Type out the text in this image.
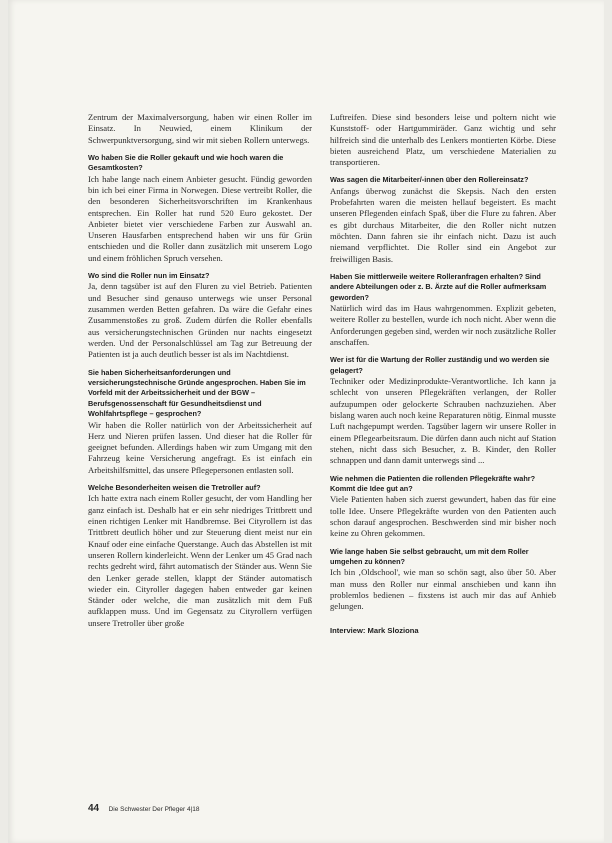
Zentrum der Maximalversorgung, haben wir einen Roller im Einsatz. In Neuwied, einem Klinikum der Schwerpunktversorgung, sind wir mit sieben Rollern unterwegs.

Wo haben Sie die Roller gekauft und wie hoch waren die Gesamtkosten?

Ich habe lange nach einem Anbieter gesucht. Fündig geworden bin ich bei einer Firma in Norwegen. Diese vertreibt Roller, die den besonderen Sicherheitsvorschriften im Krankenhaus entsprechen. Ein Roller hat rund 520 Euro gekostet. Der Anbieter bietet vier verschiedene Farben zur Auswahl an. Unseren Hausfarben entsprechend haben wir uns für Grün entschieden und die Roller dann zusätzlich mit unserem Logo und einem fröhlichen Spruch versehen.

Wo sind die Roller nun im Einsatz?

Ja, denn tagsüber ist auf den Fluren zu viel Betrieb. Patienten und Besucher sind genauso unterwegs wie unser Personal zusammen werden Betten gefahren. Da wäre die Gefahr eines Zusammenstoßes zu groß. Zudem dürfen die Roller ebenfalls aus versicherungstechnischen Gründen nur nachts eingesetzt werden. Und der Personalschlüssel am Tag zur Betreuung der Patienten ist ja auch deutlich besser ist als im Nachtdienst.

Sie haben Sicherheitsanforderungen und versicherungstechnische Gründe angesprochen. Haben Sie im Vorfeld mit der Arbeitssicherheit und der BGW – Berufsgenossenschaft für Gesundheitsdienst und Wohlfahrtspflege – gesprochen?

Wir haben die Roller natürlich von der Arbeitssicherheit auf Herz und Nieren prüfen lassen. Und dieser hat die Roller für geeignet befunden. Allerdings haben wir zum Umgang mit den Fahrzeug keine Versicherung angefragt. Es ist einfach ein Arbeitshilfsmittel, das unsere Pflegepersonen entlasten soll.

Welche Besonderheiten weisen die Tretroller auf?

Ich hatte extra nach einem Roller gesucht, der vom Handling her ganz einfach ist. Deshalb hat er ein sehr niedriges Trittbrett und einen richtigen Lenker mit Handbremse. Bei Cityrollern ist das Trittbrett deutlich höher und zur Steuerung dient meist nur ein Knauf oder eine einfache Querstange. Auch das Abstellen ist mit unseren Rollern kinderleicht. Wenn der Lenker um 45 Grad nach rechts gedreht wird, fährt automatisch der Ständer aus. Wenn Sie den Lenker gerade stellen, klappt der Ständer automatisch wieder ein. Cityroller dagegen haben entweder gar keinen Ständer oder welche, die man zusätzlich mit dem Fuß aufklappen muss. Und im Gegensatz zu Cityrollern verfügen unsere Tretroller über große

Luftreifen. Diese sind besonders leise und poltern nicht wie Kunststoff- oder Hartgummiräder. Ganz wichtig und sehr hilfreich sind die unterhalb des Lenkers montierten Körbe. Diese bieten ausreichend Platz, um verschiedene Materialien zu transportieren.

Was sagen die Mitarbeiter/-innen über den Rollereinsatz?

Anfangs überwog zunächst die Skepsis. Nach den ersten Probefahrten waren die meisten hellauf begeistert. Es macht unseren Pflegenden einfach Spaß, über die Flure zu fahren. Aber es gibt durchaus Mitarbeiter, die den Roller nicht nutzen möchten. Dann fahren sie ihr einfach nicht. Dazu ist auch niemand verpflichtet. Die Roller sind ein Angebot zur freiwilligen Basis.

Haben Sie mittlerweile weitere Rolleranfragen erhalten? Sind andere Abteilungen oder z. B. Ärzte auf die Roller aufmerksam geworden?

Natürlich wird das im Haus wahrgenommen. Explizit gebeten, weitere Roller zu bestellen, wurde ich noch nicht. Aber wenn die Anforderungen gegeben sind, werden wir noch zusätzliche Roller anschaffen.

Wer ist für die Wartung der Roller zuständig und wo werden sie gelagert?

Techniker oder Medizinprodukte-Verantwortliche. Ich kann ja schlecht von unseren Pflegekräften verlangen, der Roller aufzupumpen oder gelockerte Schrauben nachzuziehen. Aber bislang waren auch noch keine Reparaturen nötig. Einmal musste Luft nachgepumpt werden. Tagsüber lagern wir unsere Roller in einem Pflegearbeitsraum. Die dürfen dann auch nicht auf Station stehen, nicht dass sich Besucher, z. B. Kinder, den Roller schnappen und dann damit unterwegs sind ...

Wie nehmen die Patienten die rollenden Pflegekräfte wahr? Kommt die Idee gut an?

Viele Patienten haben sich zuerst gewundert, haben das für eine tolle Idee. Unsere Pflegekräfte wurden von den Patienten auch schon darauf angesprochen. Beschwerden sind mir bisher noch keine zu Ohren gekommen.

Wie lange haben Sie selbst gebraucht, um mit dem Roller umgehen zu können?

Ich bin ‚Oldschool', wie man so schön sagt, also über 50. Aber man muss den Roller nur einmal anschieben und kann ihn problemlos bedienen – fixstens ist auch mir das auf Anhieb gelungen.

Interview: Mark Sloziona
44 Die Schwester Der Pfleger 4|18
